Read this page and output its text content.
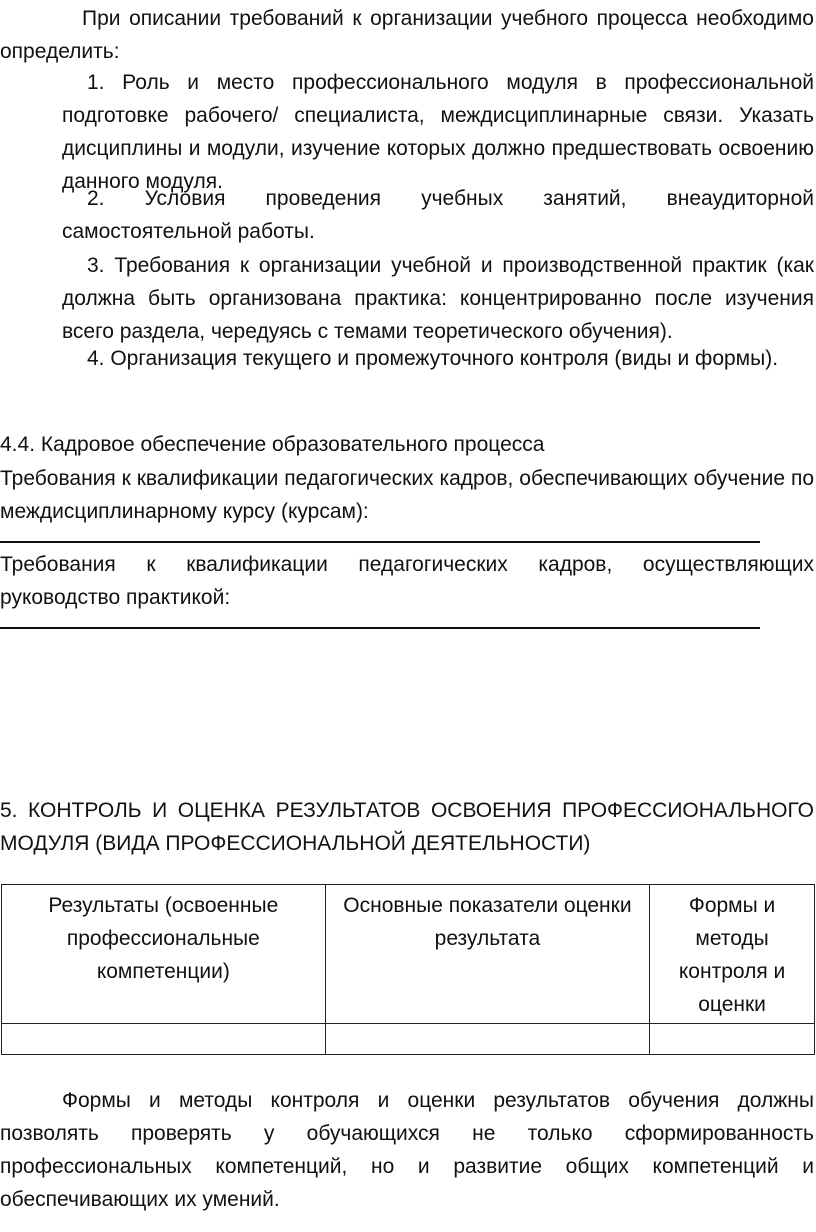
При описании требований к организации учебного процесса необходимо определить:

1. Роль и место профессионального модуля в профессиональной подготовке рабочего/ специалиста, междисциплинарные связи. Указать дисциплины и модули, изучение которых должно предшествовать освоению данного модуля.

2. Условия проведения учебных занятий, внеаудиторной самостоятельной работы.

3. Требования к организации учебной и производственной практик (как должна быть организована практика: концентрированно после изучения всего раздела, чередуясь с темами теоретического обучения).

4. Организация текущего и промежуточного контроля (виды и формы).

4.4. Кадровое обеспечение образовательного процесса

Требования к квалификации педагогических кадров, обеспечивающих обучение по междисциплинарному курсу (курсам):

Требования к квалификации педагогических кадров, осуществляющих руководство практикой:

5. КОНТРОЛЬ И ОЦЕНКА РЕЗУЛЬТАТОВ ОСВОЕНИЯ ПРОФЕССИОНАЛЬНОГО МОДУЛЯ (ВИДА ПРОФЕССИОНАЛЬНОЙ ДЕЯТЕЛЬНОСТИ)

Результаты (освоенные профессиональные компетенции)	Основные показатели оценки результата	Формы и методы контроля и оценки

Формы и методы контроля и оценки результатов обучения должны позволять проверять у обучающихся не только сформированность профессиональных компетенций, но и развитие общих компетенций и обеспечивающих их умений.
